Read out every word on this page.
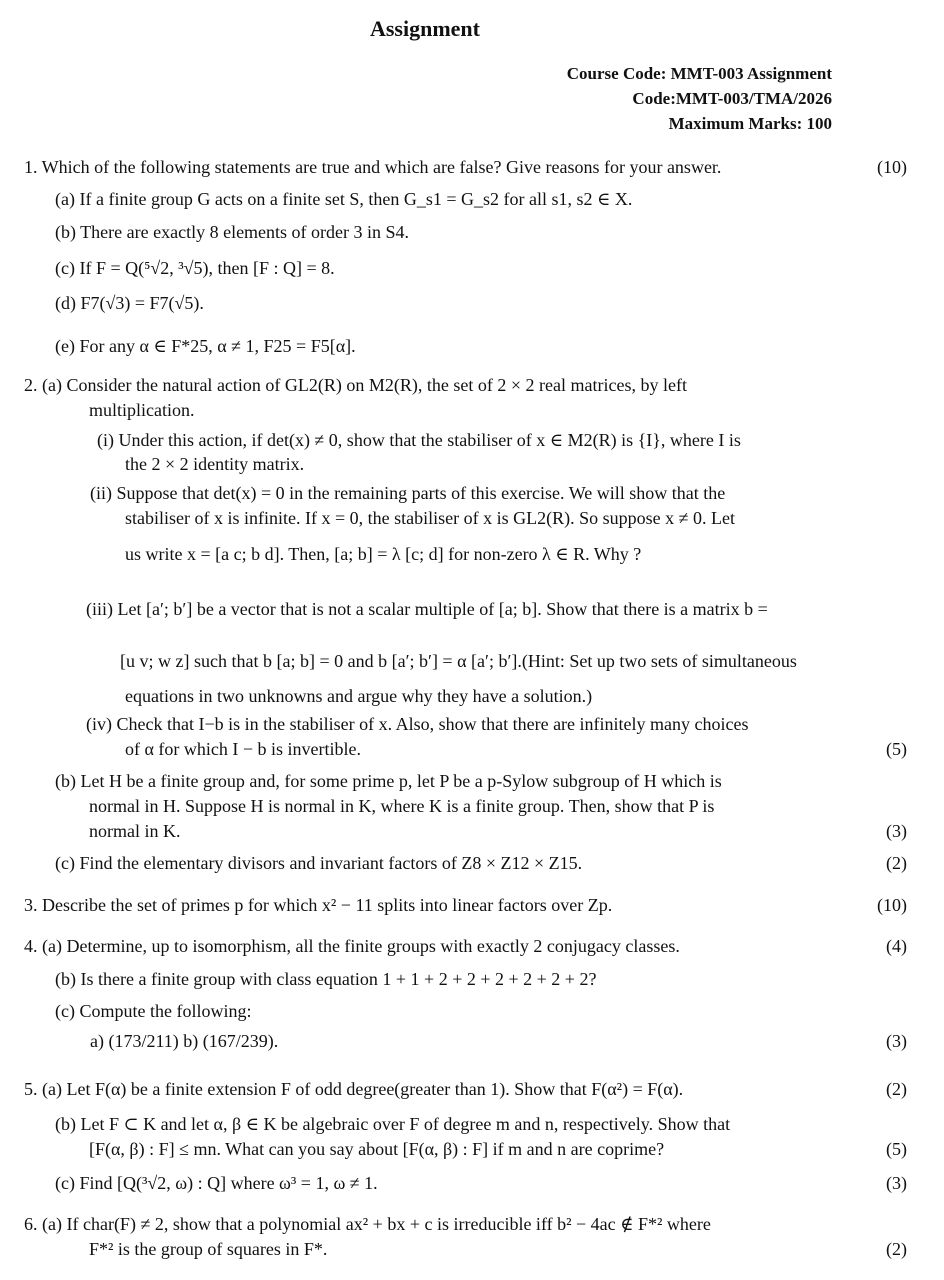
Assignment
Course Code: MMT-003 Assignment
Code:MMT-003/TMA/2026
Maximum Marks: 100
1. Which of the following statements are true and which are false? Give reasons for your answer.
(a) If a finite group G acts on a finite set S, then G_s1 = G_s2 for all s1, s2 ∈ X.
(b) There are exactly 8 elements of order 3 in S4.
(c) If F = Q(⁵√2, ³√5), then [F : Q] = 8.
(d) F7(√3) = F7(√5).
(e) For any α ∈ F*25, α ≠ 1, F25 = F5[α].
2. (a) Consider the natural action of GL2(R) on M2(R), the set of 2 × 2 real matrices, by left
multiplication.
(i) Under this action, if det(x) ≠ 0, show that the stabiliser of x ∈ M2(R) is {I}, where I is
the 2 × 2 identity matrix.
(ii) Suppose that det(x) = 0 in the remaining parts of this exercise. We will show that the
stabiliser of x is infinite. If x = 0, the stabiliser of x is GL2(R). So suppose x ≠ 0. Let
us write x = [a c; b d]. Then, [a; b] = λ [c; d] for non-zero λ ∈ R. Why ?
(iii) Let [a′; b′] be a vector that is not a scalar multiple of [a; b]. Show that there is a matrix b =
[u v; w z] such that b [a; b] = 0 and b [a′; b′] = α [a′; b′].(Hint: Set up two sets of simultaneous
equations in two unknowns and argue why they have a solution.)
(iv) Check that I−b is in the stabiliser of x. Also, show that there are infinitely many choices
of α for which I − b is invertible.	(5)
(b) Let H be a finite group and, for some prime p, let P be a p-Sylow subgroup of H which is
normal in H. Suppose H is normal in K, where K is a finite group. Then, show that P is
normal in K.	(3)
(c) Find the elementary divisors and invariant factors of Z8 × Z12 × Z15.	(2)
3. Describe the set of primes p for which x² − 11 splits into linear factors over Zp.	(10)
4. (a) Determine, up to isomorphism, all the finite groups with exactly 2 conjugacy classes.	(4)
(b) Is there a finite group with class equation 1 + 1 + 2 + 2 + 2 + 2 + 2 + 2?
(c) Compute the following:
a) (173/211) b) (167/239).	(3)
5. (a) Let F(α) be a finite extension F of odd degree(greater than 1). Show that F(α²) = F(α).	(2)
(b) Let F ⊂ K and let α, β ∈ K be algebraic over F of degree m and n, respectively. Show that
[F(α, β) : F] ≤ mn. What can you say about [F(α, β) : F] if m and n are coprime?	(5)
(c) Find [Q(³√2, ω) : Q] where ω³ = 1, ω ≠ 1.	(3)
6. (a) If char(F) ≠ 2, show that a polynomial ax² + bx + c is irreducible iff b² − 4ac ∉ F*² where
F*² is the group of squares in F*.	(2)
(10)
